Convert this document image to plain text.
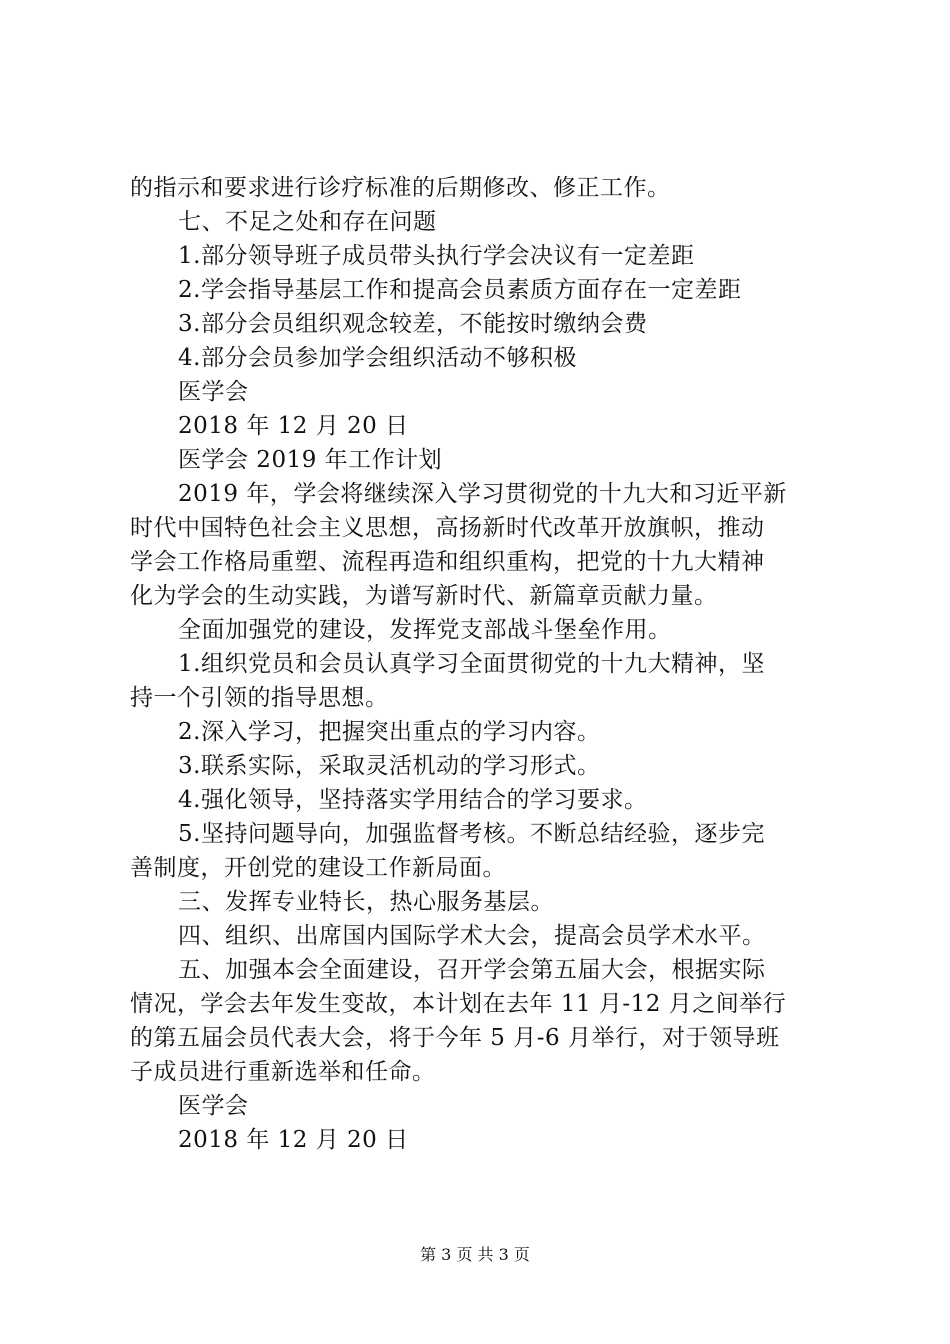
的指示和要求进行诊疗标准的后期修改、修正工作。
七、不足之处和存在问题
1.部分领导班子成员带头执行学会决议有一定差距
2.学会指导基层工作和提高会员素质方面存在一定差距
3.部分会员组织观念较差，不能按时缴纳会费
4.部分会员参加学会组织活动不够积极
医学会
2018 年 12 月 20 日
医学会 2019 年工作计划
2019 年，学会将继续深入学习贯彻党的十九大和习近平新
时代中国特色社会主义思想，高扬新时代改革开放旗帜，推动
学会工作格局重塑、流程再造和组织重构，把党的十九大精神
化为学会的生动实践，为谱写新时代、新篇章贡献力量。
全面加强党的建设，发挥党支部战斗堡垒作用。
1.组织党员和会员认真学习全面贯彻党的十九大精神，坚
持一个引领的指导思想。
2.深入学习，把握突出重点的学习内容。
3.联系实际，采取灵活机动的学习形式。
4.强化领导，坚持落实学用结合的学习要求。
5.坚持问题导向，加强监督考核。不断总结经验，逐步完
善制度，开创党的建设工作新局面。
三、发挥专业特长，热心服务基层。
四、组织、出席国内国际学术大会，提高会员学术水平。
五、加强本会全面建设，召开学会第五届大会，根据实际
情况，学会去年发生变故，本计划在去年 11 月-12 月之间举行
的第五届会员代表大会，将于今年 5 月-6 月举行，对于领导班
子成员进行重新选举和任命。
医学会
2018 年 12 月 20 日
第 3 页 共 3 页
